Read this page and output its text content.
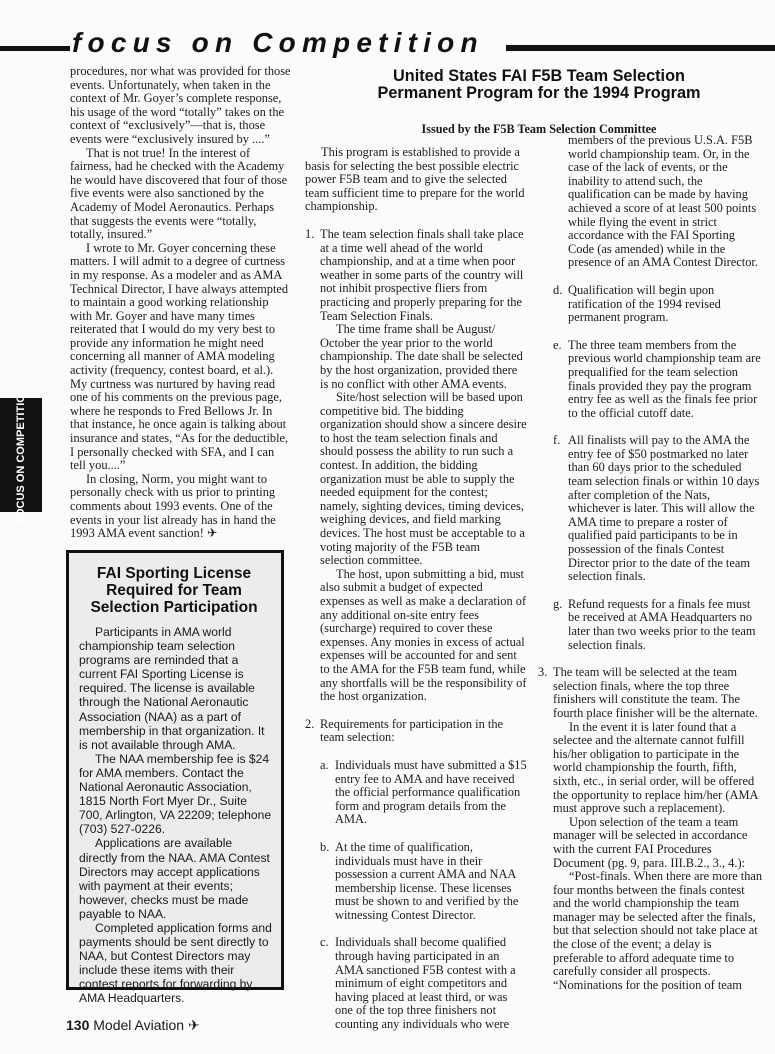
focus on Competition
FOCUS ON COMPETITION

procedures, nor what was provided for those events. Unfortunately, when taken in the context of Mr. Goyer’s complete response, his usage of the word “totally” takes on the context of “exclusively”—that is, those events were “exclusively insured by ....”

That is not true! In the interest of fairness, had he checked with the Academy he would have discovered that four of those five events were also sanctioned by the Academy of Model Aeronautics. Perhaps that suggests the events were “totally, totally, insured.”

I wrote to Mr. Goyer concerning these matters. I will admit to a degree of curtness in my response. As a modeler and as AMA Technical Director, I have always attempted to maintain a good working relationship with Mr. Goyer and have many times reiterated that I would do my very best to provide any information he might need concerning all manner of AMA modeling activity (frequency, contest board, et al.). My curtness was nurtured by having read one of his comments on the previous page, where he responds to Fred Bellows Jr. In that instance, he once again is talking about insurance and states, “As for the deductible, I personally checked with SFA, and I can tell you....”

In closing, Norm, you might want to personally check with us prior to printing comments about 1993 events. One of the events in your list already has in hand the 1993 AMA event sanction! ✈

FAI Sporting License Required for Team Selection Participation

Participants in AMA world championship team selection programs are reminded that a current FAI Sporting License is required. The license is available through the National Aeronautic Association (NAA) as a part of membership in that organization. It is not available through AMA.

The NAA membership fee is $24 for AMA members. Contact the National Aeronautic Association, 1815 North Fort Myer Dr., Suite 700, Arlington, VA 22209; telephone (703) 527-0226.

Applications are available directly from the NAA. AMA Contest Directors may accept applications with payment at their events; however, checks must be made payable to NAA.

Completed application forms and payments should be sent directly to NAA, but Contest Directors may include these items with their contest reports for forwarding by AMA Headquarters.

United States FAI F5B Team Selection Permanent Program for the 1994 Program

Issued by the F5B Team Selection Committee

This program is established to provide a basis for selecting the best possible electric power F5B team and to give the selected team sufficient time to prepare for the world championship.

1. The team selection finals shall take place at a time well ahead of the world championship, and at a time when poor weather in some parts of the country will not inhibit prospective fliers from practicing and properly preparing for the Team Selection Finals.

The time frame shall be August/ October the year prior to the world championship. The date shall be selected by the host organization, provided there is no conflict with other AMA events.

Site/host selection will be based upon competitive bid. The bidding organization should show a sincere desire to host the team selection finals and should possess the ability to run such a contest. In addition, the bidding organization must be able to supply the needed equipment for the contest; namely, sighting devices, timing devices, weighing devices, and field marking devices. The host must be acceptable to a voting majority of the F5B team selection committee.

The host, upon submitting a bid, must also submit a budget of expected expenses as well as make a declaration of any additional on-site entry fees (surcharge) required to cover these expenses. Any monies in excess of actual expenses will be accounted for and sent to the AMA for the F5B team fund, while any shortfalls will be the responsibility of the host organization.

2. Requirements for participation in the team selection:

a. Individuals must have submitted a $15 entry fee to AMA and have received the official performance qualification form and program details from the AMA.

b. At the time of qualification, individuals must have in their possession a current AMA and NAA membership license. These licenses must be shown to and verified by the witnessing Contest Director.

c. Individuals shall become qualified through having participated in an AMA sanctioned F5B contest with a minimum of eight competitors and having placed at least third, or was one of the top three finishers not counting any individuals who were

members of the previous U.S.A. F5B world championship team. Or, in the case of the lack of events, or the inability to attend such, the qualification can be made by having achieved a score of at least 500 points while flying the event in strict accordance with the FAI Sporting Code (as amended) while in the presence of an AMA Contest Director.

d. Qualification will begin upon ratification of the 1994 revised permanent program.

e. The three team members from the previous world championship team are prequalified for the team selection finals provided they pay the program entry fee as well as the finals fee prior to the official cutoff date.

f. All finalists will pay to the AMA the entry fee of $50 postmarked no later than 60 days prior to the scheduled team selection finals or within 10 days after completion of the Nats, whichever is later. This will allow the AMA time to prepare a roster of qualified paid participants to be in possession of the finals Contest Director prior to the date of the team selection finals.

g. Refund requests for a finals fee must be received at AMA Headquarters no later than two weeks prior to the team selection finals.

3. The team will be selected at the team selection finals, where the top three finishers will constitute the team. The fourth place finisher will be the alternate.

In the event it is later found that a selectee and the alternate cannot fulfill his/her obligation to participate in the world championship the fourth, fifth, sixth, etc., in serial order, will be offered the opportunity to replace him/her (AMA must approve such a replacement).

Upon selection of the team a team manager will be selected in accordance with the current FAI Procedures Document (pg. 9, para. III.B.2., 3., 4.):

“Post-finals. When there are more than four months between the finals contest and the world championship the team manager may be selected after the finals, but that selection should not take place at the close of the event; a delay is preferable to afford adequate time to carefully consider all prospects.

“Nominations for the position of team

130 Model Aviation ✈
